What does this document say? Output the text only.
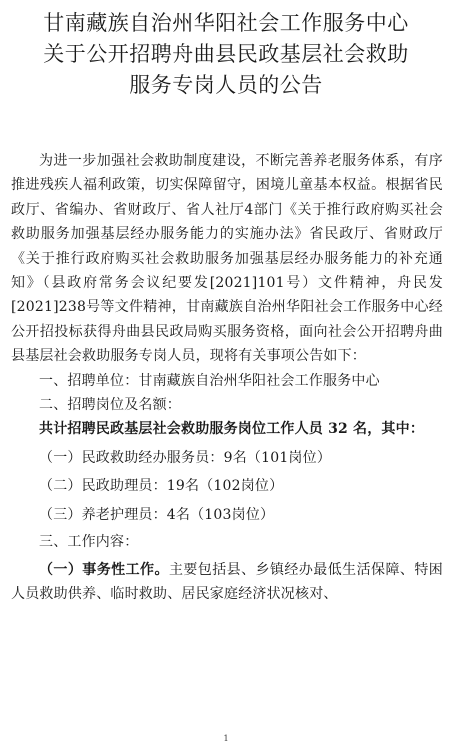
甘南藏族自治州华阳社会工作服务中心
关于公开招聘舟曲县民政基层社会救助
服务专岗人员的公告

为进一步加强社会救助制度建设，不断完善养老服务体系，有序推进残疾人福利政策，切实保障留守，困境儿童基本权益。根据省民政厅、省编办、省财政厅、省人社厅4部门《关于推行政府购买社会救助服务加强基层经办服务能力的实施办法》省民政厅、省财政厅《关于推行政府购买社会救助服务加强基层经办服务能力的补充通知》（县政府常务会议纪要发[2021]101号）文件精神，舟民发[2021]238号等文件精神，甘南藏族自治州华阳社会工作服务中心经公开招投标获得舟曲县民政局购买服务资格，面向社会公开招聘舟曲县基层社会救助服务专岗人员，现将有关事项公告如下：

一、招聘单位：甘南藏族自治州华阳社会工作服务中心

二、招聘岗位及名额：

共计招聘民政基层社会救助服务岗位工作人员 32 名，其中：

（一）民政救助经办服务员：9名（101岗位）

（二）民政助理员：19名（102岗位）

（三）养老护理员：4名（103岗位）

三、工作内容：

（一）事务性工作。主要包括县、乡镇经办最低生活保障、特困人员救助供养、临时救助、居民家庭经济状况核对、

1
